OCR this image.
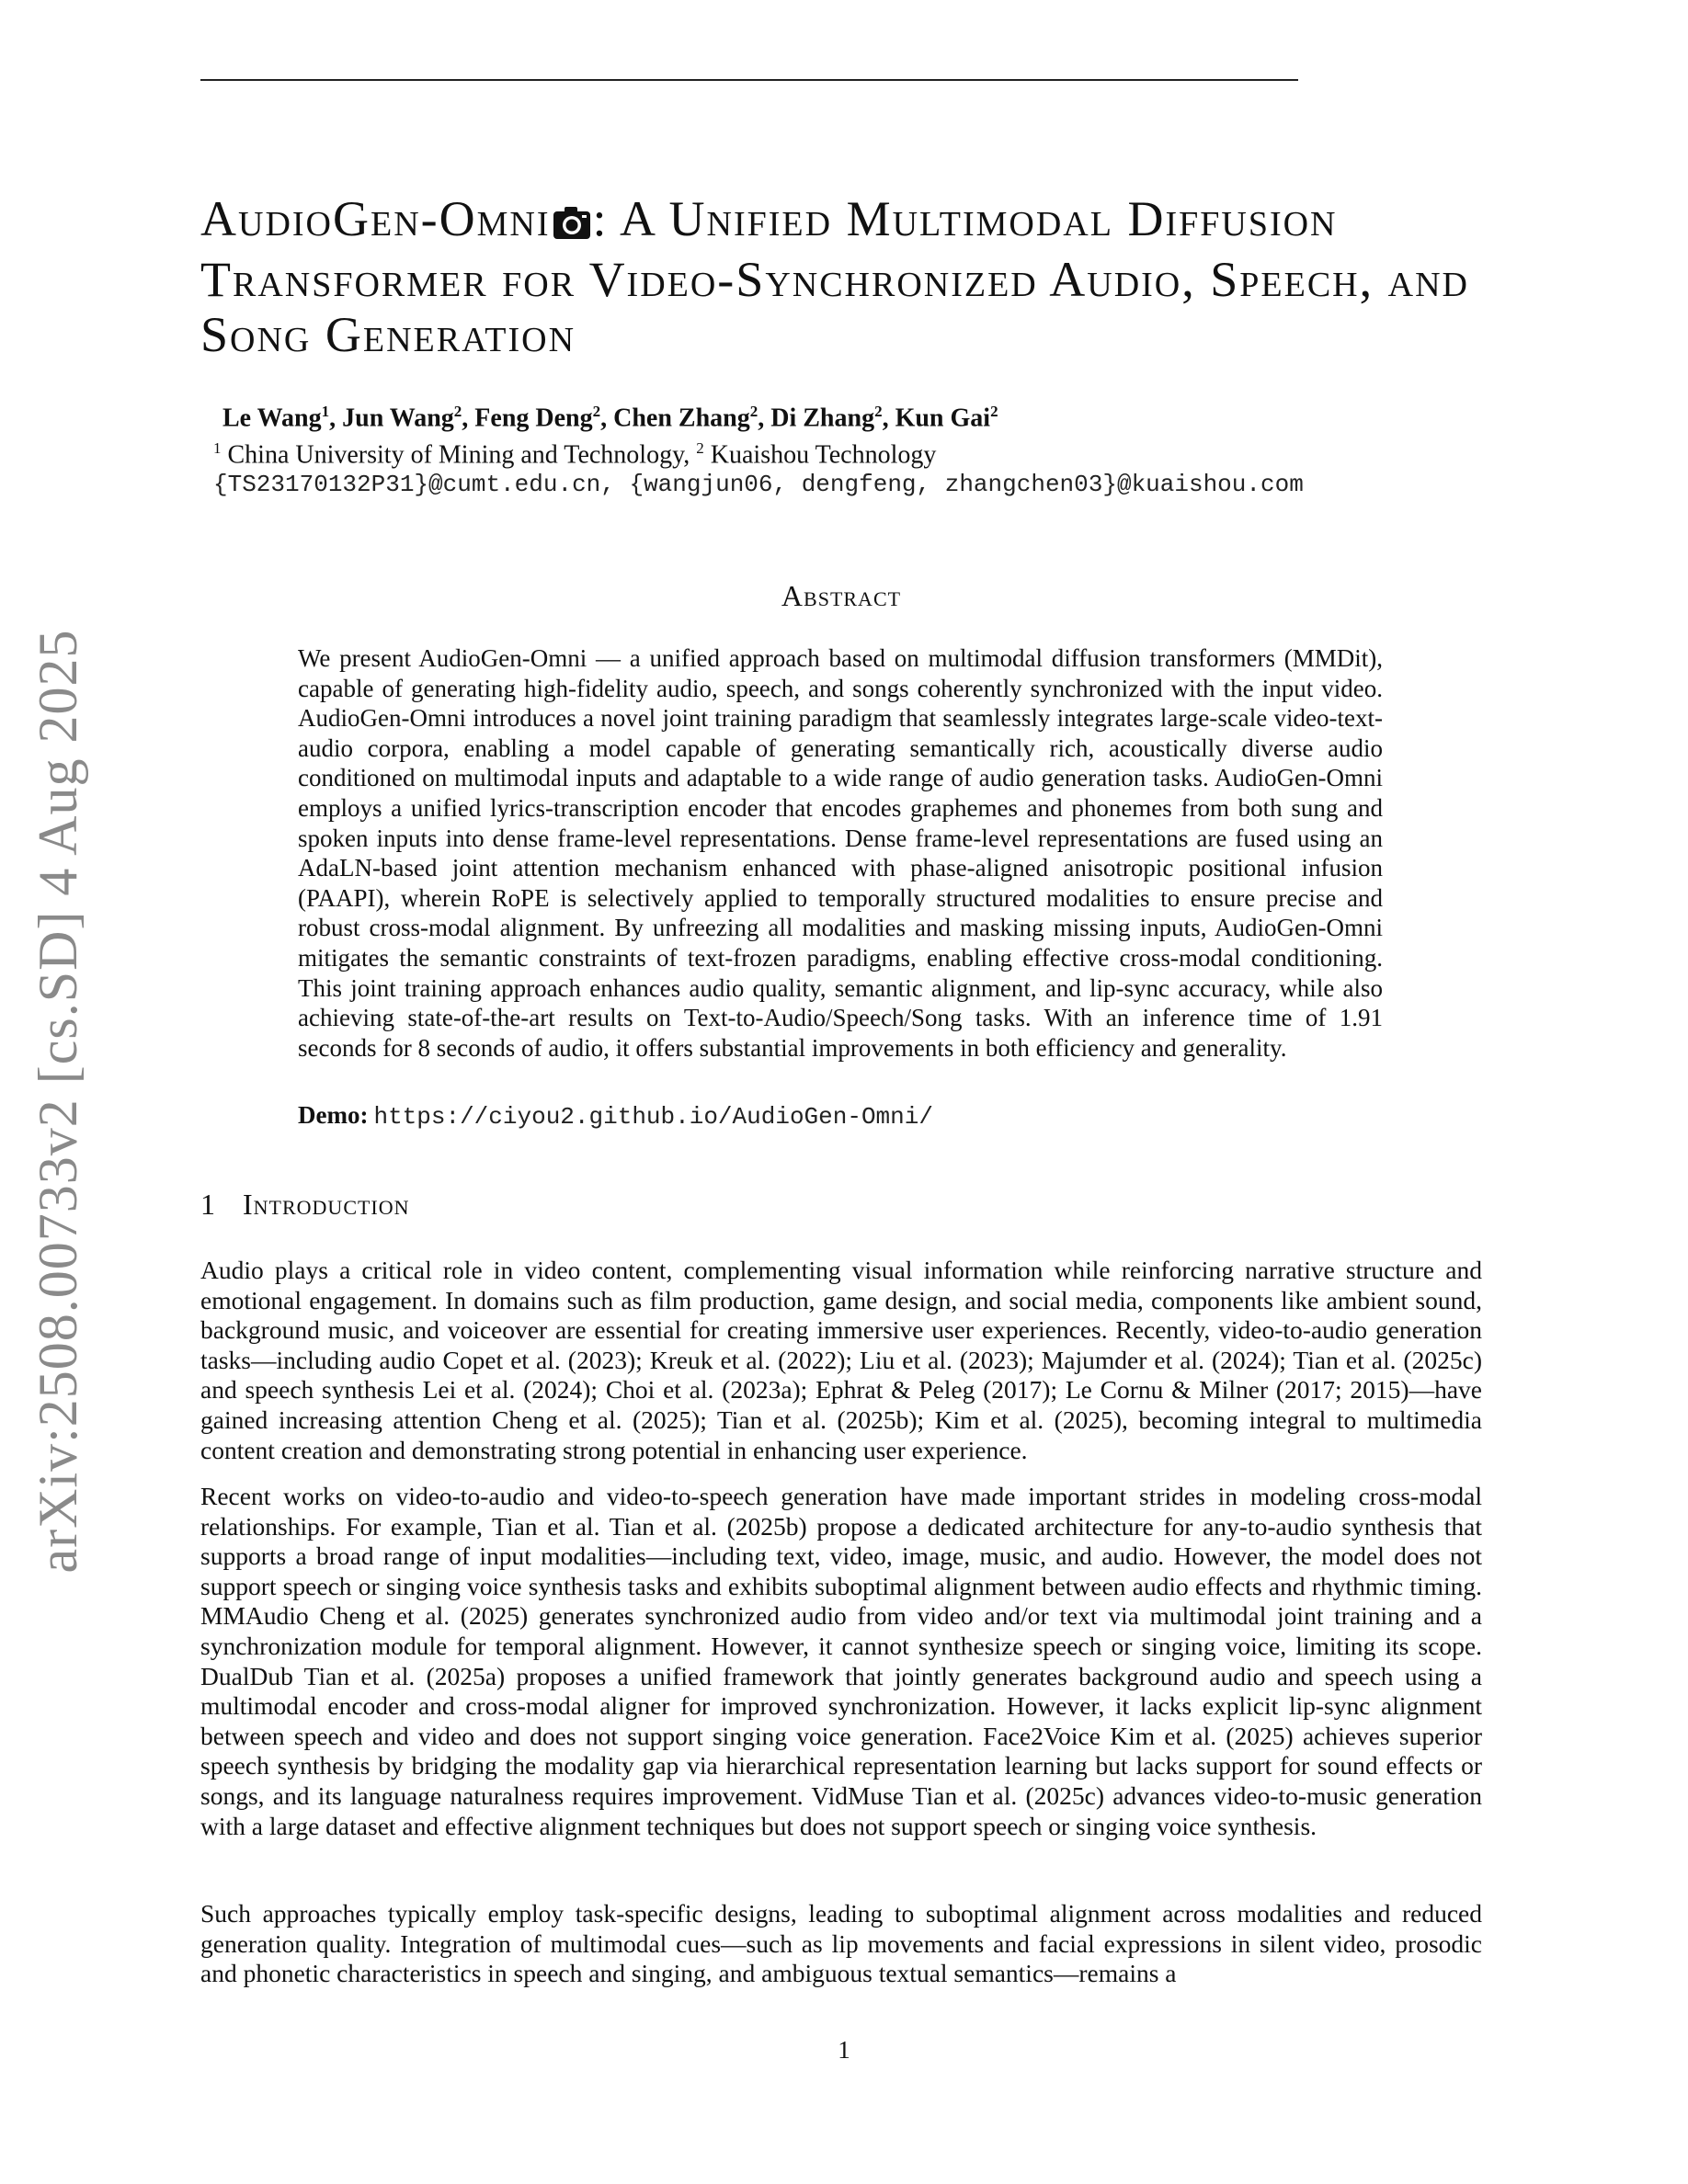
arXiv:2508.00733v2 [cs.SD] 4 Aug 2025
AudioGen-Omni : A Unified Multimodal Diffusion Transformer for Video-Synchronized Audio, Speech, and Song Generation
Le Wang$^1$, Jun Wang$^2$, Feng Deng$^2$, Chen Zhang$^2$, Di Zhang$^2$, Kun Gai$^2$
$^1$ China University of Mining and Technology, $^2$ Kuaishou Technology
{TS23170132P31}@cumt.edu.cn, {wangjun06, dengfeng, zhangchen03}@kuaishou.com
Abstract

We present AudioGen-Omni — a unified approach based on multimodal diffusion transformers (MMDit), capable of generating high-fidelity audio, speech, and songs coherently synchronized with the input video. AudioGen-Omni introduces a novel joint training paradigm that seamlessly integrates large-scale video-text-audio corpora, enabling a model capable of generating semantically rich, acoustically diverse audio conditioned on multimodal inputs and adaptable to a wide range of audio generation tasks. AudioGen-Omni employs a unified lyrics-transcription encoder that encodes graphemes and phonemes from both sung and spoken inputs into dense frame-level representations. Dense frame-level representations are fused using an AdaLN-based joint attention mechanism enhanced with phase-aligned anisotropic positional infusion (PAAPI), wherein RoPE is selectively applied to temporally structured modalities to ensure precise and robust cross-modal alignment. By unfreezing all modalities and masking missing inputs, AudioGen-Omni mitigates the semantic constraints of text-frozen paradigms, enabling effective cross-modal conditioning. This joint training approach enhances audio quality, semantic alignment, and lip-sync accuracy, while also achieving state-of-the-art results on Text-to-Audio/Speech/Song tasks. With an inference time of 1.91 seconds for 8 seconds of audio, it offers substantial improvements in both efficiency and generality.

Demo: https://ciyou2.github.io/AudioGen-Omni/
1 Introduction

Audio plays a critical role in video content, complementing visual information while reinforcing narrative structure and emotional engagement. In domains such as film production, game design, and social media, components like ambient sound, background music, and voiceover are essential for creating immersive user experiences. Recently, video-to-audio generation tasks—including audio Copet et al. (2023); Kreuk et al. (2022); Liu et al. (2023); Majumder et al. (2024); Tian et al. (2025c) and speech synthesis Lei et al. (2024); Choi et al. (2023a); Ephrat & Peleg (2017); Le Cornu & Milner (2017; 2015)—have gained increasing attention Cheng et al. (2025); Tian et al. (2025b); Kim et al. (2025), becoming integral to multimedia content creation and demonstrating strong potential in enhancing user experience.

Recent works on video-to-audio and video-to-speech generation have made important strides in modeling cross-modal relationships. For example, Tian et al. Tian et al. (2025b) propose a dedicated architecture for any-to-audio synthesis that supports a broad range of input modalities—including text, video, image, music, and audio. However, the model does not support speech or singing voice synthesis tasks and exhibits suboptimal alignment between audio effects and rhythmic timing. MMAudio Cheng et al. (2025) generates synchronized audio from video and/or text via multimodal joint training and a synchronization module for temporal alignment. However, it cannot synthesize speech or singing voice, limiting its scope. DualDub Tian et al. (2025a) proposes a unified framework that jointly generates background audio and speech using a multimodal encoder and cross-modal aligner for improved synchronization. However, it lacks explicit lip-sync alignment between speech and video and does not support singing voice generation. Face2Voice Kim et al. (2025) achieves superior speech synthesis by bridging the modality gap via hierarchical representation learning but lacks support for sound effects or songs, and its language naturalness requires improvement. VidMuse Tian et al. (2025c) advances video-to-music generation with a large dataset and effective alignment techniques but does not support speech or singing voice synthesis.

Such approaches typically employ task-specific designs, leading to suboptimal alignment across modalities and reduced generation quality. Integration of multimodal cues—such as lip movements and facial expressions in silent video, prosodic and phonetic characteristics in speech and singing, and ambiguous textual semantics—remains a

1
